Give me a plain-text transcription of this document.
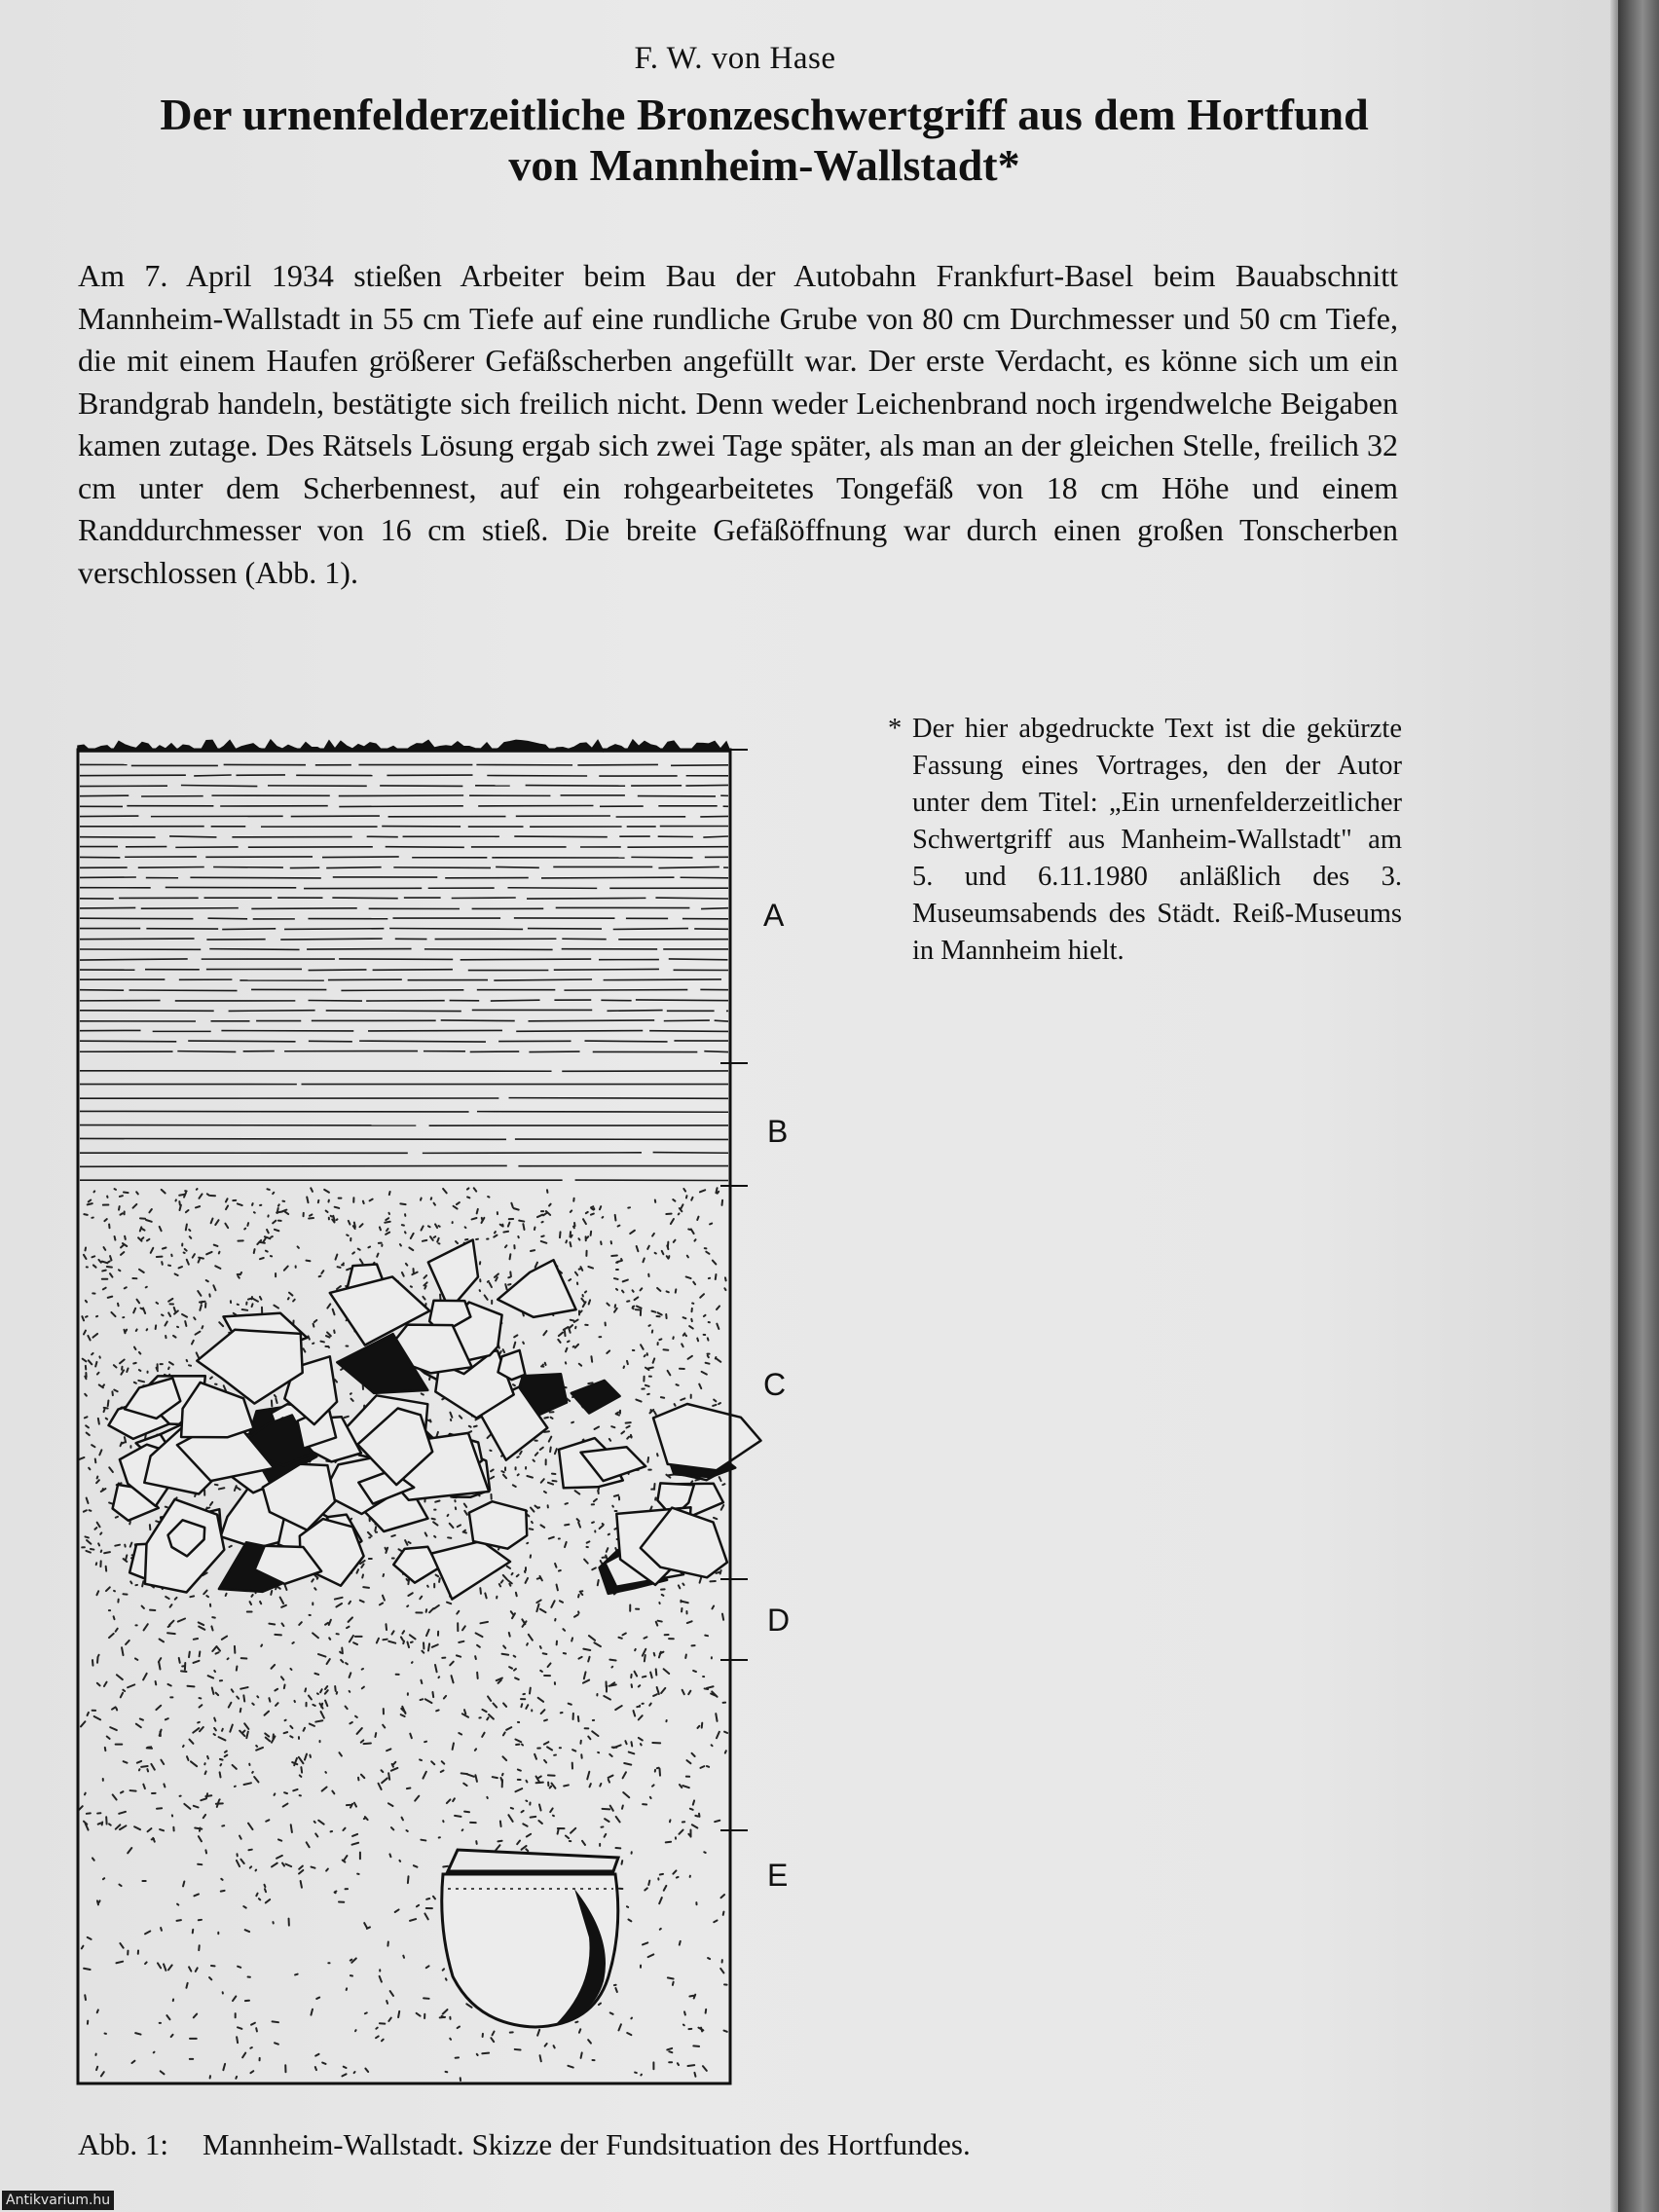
F. W. von Hase
Der urnenfelderzeitliche Bronzeschwertgriff aus dem Hortfund
von Mannheim-Wallstadt*

Am 7. April 1934 stießen Arbeiter beim Bau der Autobahn Frankfurt-Basel beim Bauabschnitt Mannheim-Wallstadt in 55 cm Tiefe auf eine rundliche Grube von 80 cm Durchmesser und 50 cm Tiefe, die mit einem Haufen größerer Gefäßscherben angefüllt war. Der erste Verdacht, es könne sich um ein Brandgrab handeln, bestätigte sich freilich nicht. Denn weder Leichenbrand noch irgendwelche Beigaben kamen zutage. Des Rätsels Lösung ergab sich zwei Tage später, als man an der gleichen Stelle, freilich 32 cm unter dem Scherbennest, auf ein rohgearbeitetes Tongefäß von 18 cm Höhe und einem Randdurchmesser von 16 cm stieß. Die breite Gefäßöffnung war durch einen großen Tonscherben verschlossen (Abb. 1).

A
B
C
D
E
* Der hier abgedruckte Text ist die gekürzte Fassung eines Vortrages, den der Autor unter dem Titel: „Ein urnenfelderzeitlicher Schwertgriff aus Manheim-Wallstadt" am 5. und 6.11.1980 anläßlich des 3. Museumsabends des Städt. Reiß-Museums in Mannheim hielt.
Abb. 1: Mannheim-Wallstadt. Skizze der Fundsituation des Hortfundes.
Antikvarium.hu
